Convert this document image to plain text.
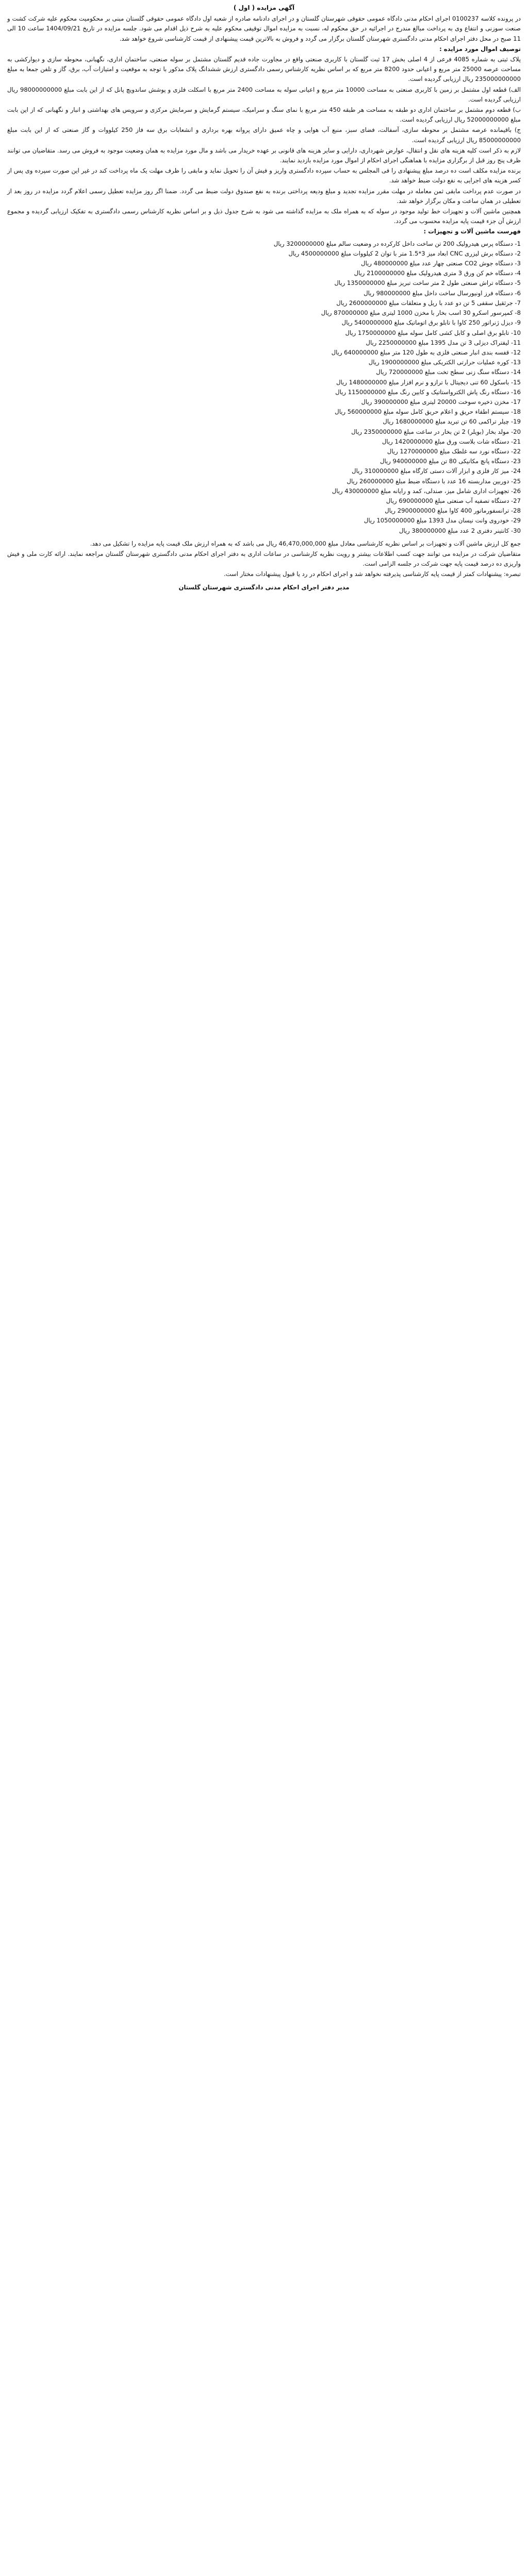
آگهی مزایده ( اول )

در پرونده کلاسه 0100237 اجرای احکام مدنی دادگاه عمومی حقوقی شهرستان گلستان و در اجرای دادنامه صادره از شعبه اول دادگاه عمومی حقوقی گلستان مبنی بر محکومیت محکوم علیه شرکت کشت و صنعت سوزنی و انتفاع وی به پرداخت مبالغ مندرج در اجرائیه در حق محکوم له، نسبت به مزایده اموال توقیفی محکوم علیه به شرح ذیل اقدام می شود. جلسه مزایده در تاریخ 1404/09/21 ساعت 10 الی 11 صبح در محل دفتر اجرای احکام مدنی دادگستری شهرستان گلستان برگزار می گردد و فروش به بالاترین قیمت پیشنهادی از قیمت کارشناسی شروع خواهد شد.

توصیف اموال مورد مزایده :

پلاک ثبتی به شماره 4085 فرعی از 4 اصلی بخش 17 ثبت گلستان با کاربری صنعتی واقع در مجاورت جاده قدیم گلستان مشتمل بر سوله صنعتی، ساختمان اداری، نگهبانی، محوطه سازی و دیوارکشی به مساحت عرصه 25000 متر مربع و اعیانی حدود 8200 متر مربع که بر اساس نظریه کارشناس رسمی دادگستری ارزش ششدانگ پلاک مذکور با توجه به موقعیت و امتیازات آب، برق، گاز و تلفن جمعا به مبلغ 235000000000 ریال ارزیابی گردیده است.

الف) قطعه اول مشتمل بر زمین با کاربری صنعتی به مساحت 10000 متر مربع و اعیانی سوله به مساحت 2400 متر مربع با اسکلت فلزی و پوشش ساندویچ پانل که از این بابت مبلغ 98000000000 ریال ارزیابی گردیده است.

ب) قطعه دوم مشتمل بر ساختمان اداری دو طبقه به مساحت هر طبقه 450 متر مربع با نمای سنگ و سرامیک، سیستم گرمایش و سرمایش مرکزی و سرویس های بهداشتی و انبار و نگهبانی که از این بابت مبلغ 52000000000 ریال ارزیابی گردیده است.

ج) باقیمانده عرصه مشتمل بر محوطه سازی، آسفالت، فضای سبز، منبع آب هوایی و چاه عمیق دارای پروانه بهره برداری و انشعابات برق سه فاز 250 کیلووات و گاز صنعتی که از این بابت مبلغ 85000000000 ریال ارزیابی گردیده است.

لازم به ذکر است کلیه هزینه های نقل و انتقال، عوارض شهرداری، دارایی و سایر هزینه های قانونی بر عهده خریدار می باشد و مال مورد مزایده به همان وضعیت موجود به فروش می رسد. متقاضیان می توانند ظرف پنج روز قبل از برگزاری مزایده با هماهنگی اجرای احکام از اموال مورد مزایده بازدید نمایند.

برنده مزایده مکلف است ده درصد مبلغ پیشنهادی را فی المجلس به حساب سپرده دادگستری واریز و فیش آن را تحویل نماید و مابقی را ظرف مهلت یک ماه پرداخت کند در غیر این صورت سپرده وی پس از کسر هزینه های اجرایی به نفع دولت ضبط خواهد شد.

در صورت عدم پرداخت مابقی ثمن معامله در مهلت مقرر مزایده تجدید و مبلغ ودیعه پرداختی برنده به نفع صندوق دولت ضبط می گردد. ضمنا اگر روز مزایده تعطیل رسمی اعلام گردد مزایده در روز بعد از تعطیلی در همان ساعت و مکان برگزار خواهد شد.

همچنین ماشین آلات و تجهیزات خط تولید موجود در سوله که به همراه ملک به مزایده گذاشته می شود به شرح جدول ذیل و بر اساس نظریه کارشناس رسمی دادگستری به تفکیک ارزیابی گردیده و مجموع ارزش آن جزء قیمت پایه مزایده محسوب می گردد.

فهرست ماشین آلات و تجهیزات :
1- دستگاه پرس هیدرولیک 200 تن ساخت داخل کارکرده در وضعیت سالم مبلغ 3200000000 ریال
2- دستگاه برش لیزری CNC ابعاد میز 3*1.5 متر با توان 2 کیلووات مبلغ 4500000000 ریال
3- دستگاه جوش CO2 صنعتی چهار عدد مبلغ 480000000 ریال
4- دستگاه خم کن ورق 3 متری هیدرولیک مبلغ 2100000000 ریال
5- دستگاه تراش صنعتی طول 2 متر ساخت تبریز مبلغ 1350000000 ریال
6- دستگاه فرز اونیورسال ساخت داخل مبلغ 980000000 ریال
7- جرثقیل سقفی 5 تن دو عدد با ریل و متعلقات مبلغ 2600000000 ریال
8- کمپرسور اسکرو 30 اسب بخار با مخزن 1000 لیتری مبلغ 870000000 ریال
9- دیزل ژنراتور 250 کاوا با تابلو برق اتوماتیک مبلغ 5400000000 ریال
10- تابلو برق اصلی و کابل کشی کامل سوله مبلغ 1750000000 ریال
11- لیفتراک دیزلی 3 تن مدل 1395 مبلغ 2250000000 ریال
12- قفسه بندی انبار صنعتی فلزی به طول 120 متر مبلغ 640000000 ریال
13- کوره عملیات حرارتی الکتریکی مبلغ 1900000000 ریال
14- دستگاه سنگ زنی سطح تخت مبلغ 720000000 ریال
15- باسکول 60 تنی دیجیتال با ترازو و نرم افزار مبلغ 1480000000 ریال
16- دستگاه رنگ پاش الکترواستاتیک و کابین رنگ مبلغ 1150000000 ریال
17- مخزن ذخیره سوخت 20000 لیتری مبلغ 390000000 ریال
18- سیستم اطفاء حریق و اعلام حریق کامل سوله مبلغ 560000000 ریال
19- چیلر تراکمی 60 تن تبرید مبلغ 1680000000 ریال
20- مولد بخار (بویلر) 2 تن بخار در ساعت مبلغ 2350000000 ریال
21- دستگاه شات بلاست ورق مبلغ 1420000000 ریال
22- دستگاه نورد سه غلطک مبلغ 1270000000 ریال
23- دستگاه پانچ مکانیکی 80 تن مبلغ 940000000 ریال
24- میز کار فلزی و ابزار آلات دستی کارگاه مبلغ 310000000 ریال
25- دوربین مداربسته 16 عدد با دستگاه ضبط مبلغ 260000000 ریال
26- تجهیزات اداری شامل میز، صندلی، کمد و رایانه مبلغ 430000000 ریال
27- دستگاه تصفیه آب صنعتی مبلغ 690000000 ریال
28- ترانسفورماتور 400 کاوا مبلغ 2900000000 ریال
29- خودروی وانت نیسان مدل 1393 مبلغ 1050000000 ریال
30- کانتینر دفتری 2 عدد مبلغ 380000000 ریال

جمع کل ارزش ماشین آلات و تجهیزات بر اساس نظریه کارشناسی معادل مبلغ 46,470,000,000 ریال می باشد که به همراه ارزش ملک قیمت پایه مزایده را تشکیل می دهد.

متقاضیان شرکت در مزایده می توانند جهت کسب اطلاعات بیشتر و رویت نظریه کارشناسی در ساعات اداری به دفتر اجرای احکام مدنی دادگستری شهرستان گلستان مراجعه نمایند. ارائه کارت ملی و فیش واریزی ده درصد قیمت پایه جهت شرکت در جلسه الزامی است.

تبصره: پیشنهادات کمتر از قیمت پایه کارشناسی پذیرفته نخواهد شد و اجرای احکام در رد یا قبول پیشنهادات مختار است.

مدیر دفتر اجرای احکام مدنی دادگستری شهرستان گلستان
